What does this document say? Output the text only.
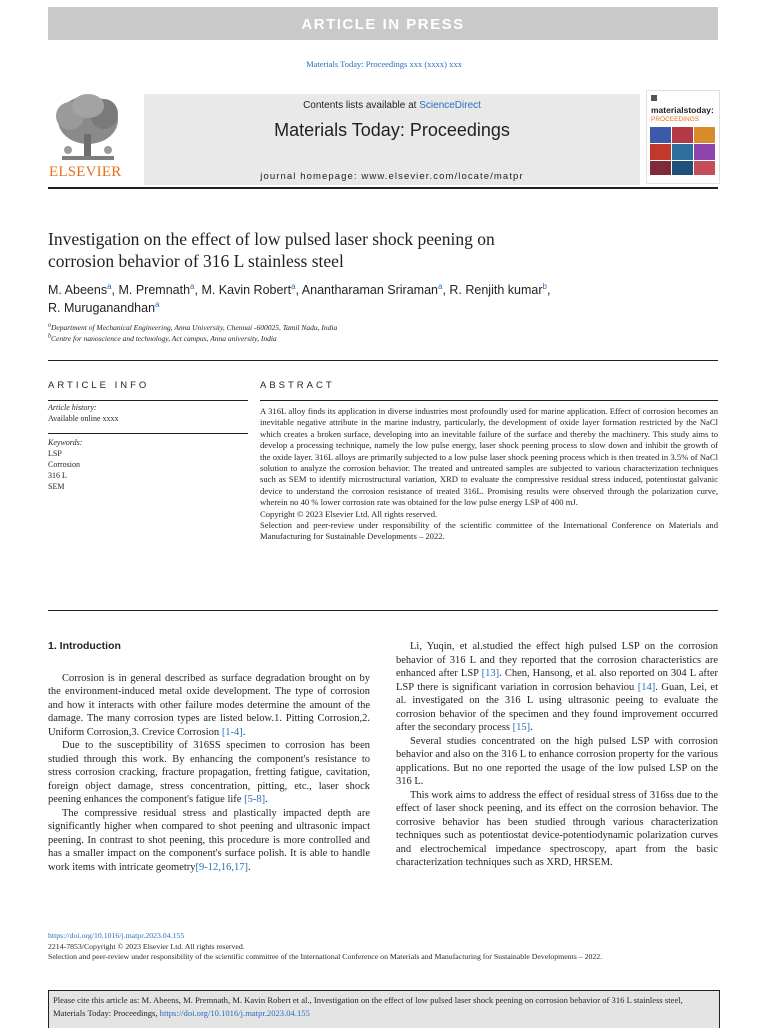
ARTICLE IN PRESS
Materials Today: Proceedings xxx (xxxx) xxx
ELSEVIER
Contents lists available at ScienceDirect
Materials Today: Proceedings
journal homepage: www.elsevier.com/locate/matpr
materialstoday:
PROCEEDINGS
Investigation on the effect of low pulsed laser shock peening on
corrosion behavior of 316 L stainless steel
M. Abeens$^a$, M. Premnath$^a$, M. Kavin Robert$^a$, Anantharaman Sriraman$^a$, R. Renjith kumar$^b$,
R. Muruganandhan$^a$
$^a$Department of Mechanical Engineering, Anna University, Chennai -600025, Tamil Nadu, India
$^b$Centre for nanoscience and technology, Act campus, Anna university, India
ARTICLE INFO	ABSTRACT
Article history:
Available online xxxx
Keywords:
LSP
Corrosion
316 L
SEM

A 316L alloy finds its application in diverse industries most profoundly used for marine application. Effect of corrosion becomes an inevitable negative attribute in the marine industry, particularly, the development of oxide layer formation restricted by the NaCl which creates a broken surface, developing into an inevitable failure of the surface and thereby the machinery. This study aims to develop a processing technique, namely the low pulse energy, laser shock peening process to slow down and inhibit the growth of the oxide layer. 316L alloys are primarily subjected to a low pulse laser shock peening process which is then treated in 3.5% of NaCl solution to analyze the corrosion behavior. The treated and untreated samples are subjected to various characterization techniques such as SEM to identify microstructural variation, XRD to evaluate the compressive residual stress induced, potentiostat galvanic device to understand the corrosion resistance of treated 316L. Promising results were observed through the polarization curve, wherein no 40 % lower corrosion rate was obtained for the low pulse energy LSP of 400 mJ.

Copyright © 2023 Elsevier Ltd. All rights reserved.

Selection and peer-review under responsibility of the scientific committee of the International Conference on Materials and Manufacturing for Sustainable Developments – 2022.

1. Introduction

Corrosion is in general described as surface degradation brought on by the environment-induced metal oxide development. The type of corrosion and how it interacts with other failure modes determine the amount of the damage. The many corrosion types are listed below.1. Pitting Corrosion,2. Uniform Corrosion,3. Crevice Corrosion [1-4].

Due to the susceptibility of 316SS specimen to corrosion has been studied through this work. By enhancing the component's resistance to stress corrosion cracking, fracture propagation, fretting fatigue, cavitation, foreign object damage, stress concentration, pitting, etc., laser shock peening enhances the component's fatigue life [5-8].

The compressive residual stress and plastically impacted depth are significantly higher when compared to shot peening and ultrasonic impact peening. In contrast to shot peening, this procedure is more controlled and has a smaller impact on the component's surface polish. It is able to handle work items with intricate geometry[9-12,16,17].

Li, Yuqin, et al.studied the effect high pulsed LSP on the corrosion behavior of 316 L and they reported that the corrosion characteristics are enhanced after LSP [13]. Chen, Hansong, et al. also reported on 304 L after LSP there is significant variation in corrosion behaviou [14]. Guan, Lei, et al. investigated on the 316 L using ultrasonic peeing to evaluate the corrosion behavior of the specimen and they found improvement occurred after the secondary process [15].

Several studies concentrated on the high pulsed LSP with corrosion behavior and also on the 316 L to enhance corrosion property for the various applications. But no one reported the usage of the low pulsed LSP on the 316 L.

This work aims to address the effect of residual stress of 316ss due to the effect of laser shock peening, and its effect on the corrosion behavior. The corrosive behavior has been studied through various characterization techniques such as potentiostat device-potentiodynamic polarization curves and electrochemical impedance spectroscopy, apart from the basic characterization techniques such as XRD, HRSEM.

https://doi.org/10.1016/j.matpr.2023.04.155
2214-7853/Copyright © 2023 Elsevier Ltd. All rights reserved.
Selection and peer-review under responsibility of the scientific committee of the International Conference on Materials and Manufacturing for Sustainable Developments – 2022.
Please cite this article as: M. Abeens, M. Premnath, M. Kavin Robert et al., Investigation on the effect of low pulsed laser shock peening on corrosion behavior of 316 L stainless steel, Materials Today: Proceedings, https://doi.org/10.1016/j.matpr.2023.04.155
